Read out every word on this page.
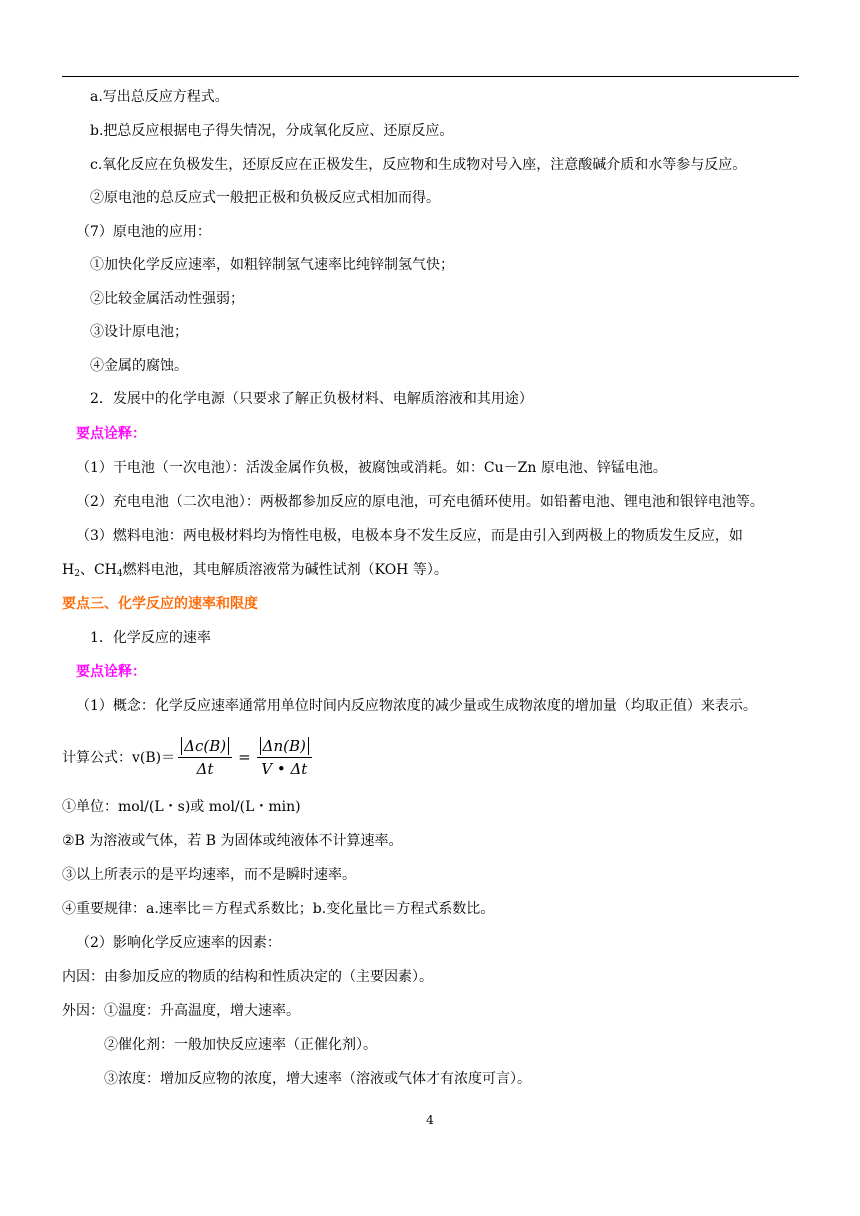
a.写出总反应方程式。
b.把总反应根据电子得失情况，分成氧化反应、还原反应。
c.氧化反应在负极发生，还原反应在正极发生，反应物和生成物对号入座，注意酸碱介质和水等参与反应。
②原电池的总反应式一般把正极和负极反应式相加而得。
（7）原电池的应用：
①加快化学反应速率，如粗锌制氢气速率比纯锌制氢气快；
②比较金属活动性强弱；
③设计原电池；
④金属的腐蚀。
2．发展中的化学电源（只要求了解正负极材料、电解质溶液和其用途）
要点诠释：
（1）干电池（一次电池）：活泼金属作负极，被腐蚀或消耗。如：Cu－Zn 原电池、锌锰电池。
（2）充电电池（二次电池）：两极都参加反应的原电池，可充电循环使用。如铅蓄电池、锂电池和银锌电池等。
（3）燃料电池：两电极材料均为惰性电极，电极本身不发生反应，而是由引入到两极上的物质发生反应，如
$H_2$、$CH_4$燃料电池，其电解质溶液常为碱性试剂（KOH 等）。
要点三、化学反应的速率和限度
1．化学反应的速率
要点诠释：
（1）概念：化学反应速率通常用单位时间内反应物浓度的减少量或生成物浓度的增加量（均取正值）来表示。
计算公式：$v(B)= \frac{\Delta c(B)}{\Delta t} = \frac{\Delta n(B)}{V • \Delta t}$
①单位：mol/(L・s)或 mol/(L・min)
②B 为溶液或气体，若 B 为固体或纯液体不计算速率。
③以上所表示的是平均速率，而不是瞬时速率。
④重要规律：a.速率比＝方程式系数比；b.变化量比＝方程式系数比。
（2）影响化学反应速率的因素：
内因：由参加反应的物质的结构和性质决定的（主要因素）。
外因：①温度：升高温度，增大速率。
②催化剂：一般加快反应速率（正催化剂）。
③浓度：增加反应物的浓度，增大速率（溶液或气体才有浓度可言）。
4
